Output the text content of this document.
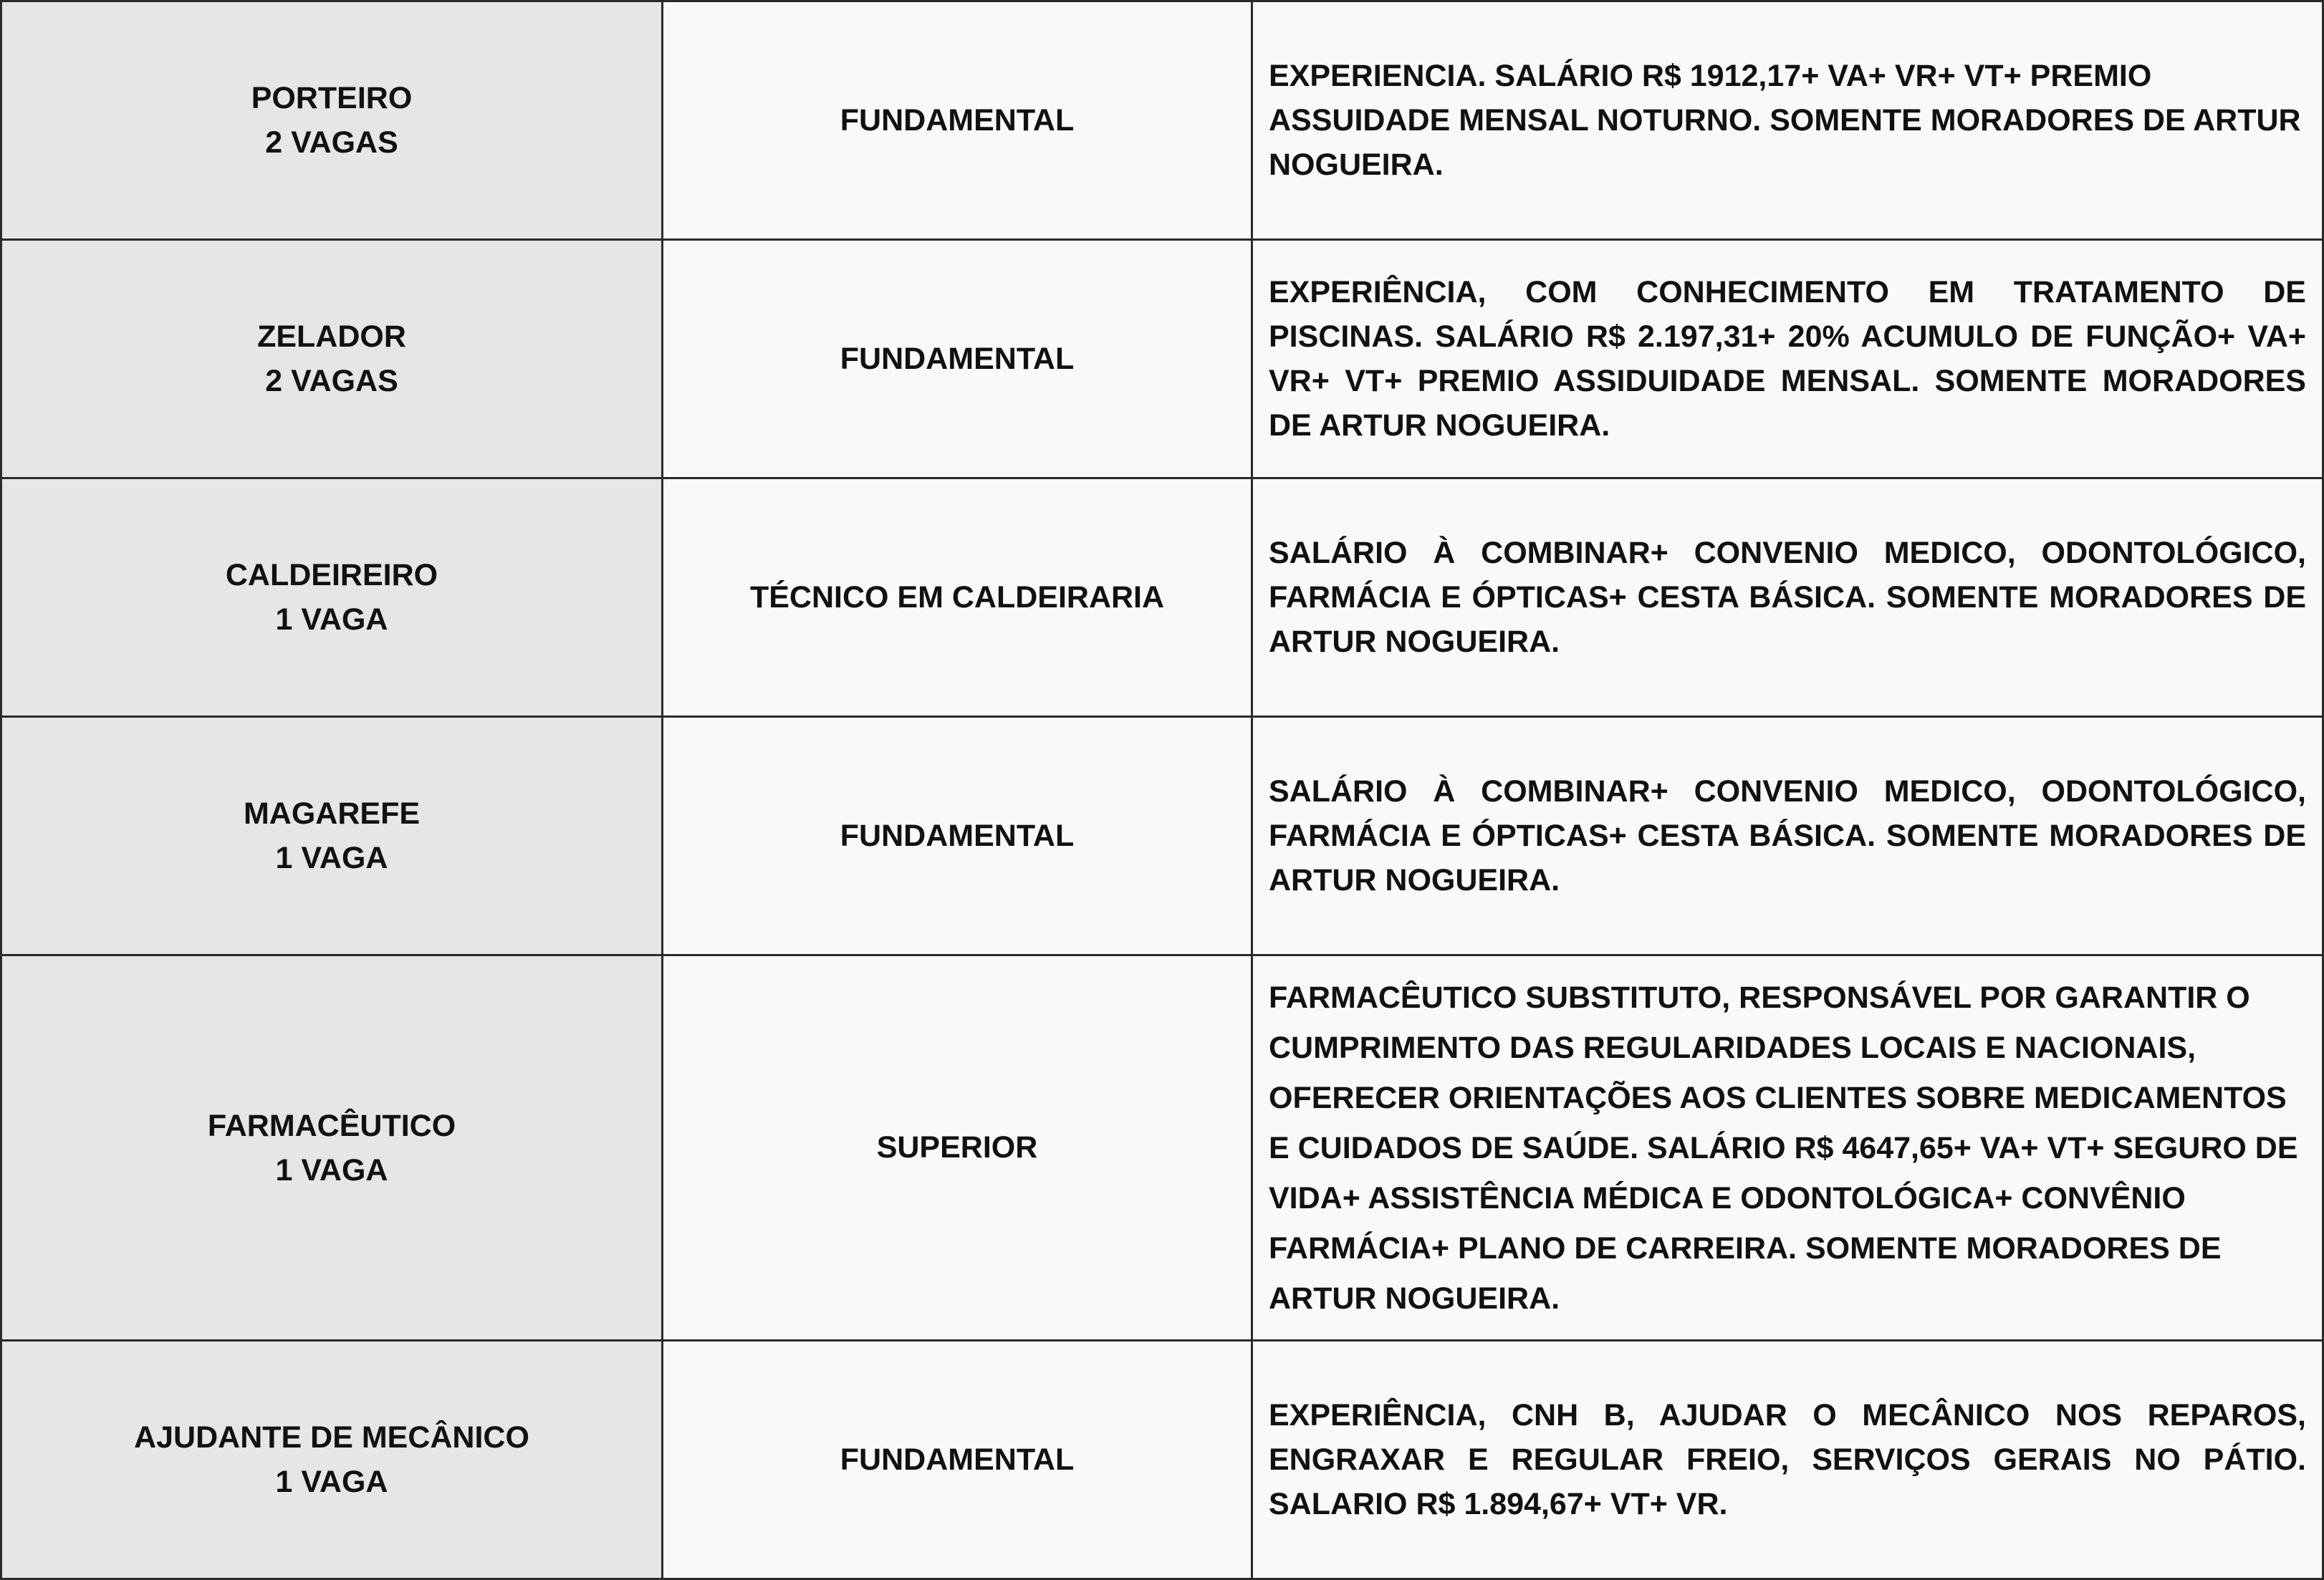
PORTEIRO
2 VAGAS	FUNDAMENTAL	EXPERIENCIA. SALÁRIO R$ 1912,17+ VA+ VR+ VT+ PREMIO ASSUIDADE MENSAL NOTURNO. SOMENTE MORADORES DE ARTUR NOGUEIRA.

ZELADOR
2 VAGAS	FUNDAMENTAL	EXPERIÊNCIA, COM CONHECIMENTO EM TRATAMENTO DE PISCINAS. SALÁRIO R$ 2.197,31+ 20% ACUMULO DE FUNÇÃO+ VA+ VR+ VT+ PREMIO ASSIDUIDADE MENSAL. SOMENTE MORADORES DE ARTUR NOGUEIRA.

CALDEIREIRO
1 VAGA	TÉCNICO EM CALDEIRARIA	SALÁRIO À COMBINAR+ CONVENIO MEDICO, ODONTOLÓGICO, FARMÁCIA E ÓPTICAS+ CESTA BÁSICA. SOMENTE MORADORES DE ARTUR NOGUEIRA.

MAGAREFE
1 VAGA	FUNDAMENTAL	SALÁRIO À COMBINAR+ CONVENIO MEDICO, ODONTOLÓGICO, FARMÁCIA E ÓPTICAS+ CESTA BÁSICA. SOMENTE MORADORES DE ARTUR NOGUEIRA.

FARMACÊUTICO
1 VAGA	SUPERIOR	FARMACÊUTICO SUBSTITUTO, RESPONSÁVEL POR GARANTIR O CUMPRIMENTO DAS REGULARIDADES LOCAIS E NACIONAIS, OFERECER ORIENTAÇÕES AOS CLIENTES SOBRE MEDICAMENTOS E CUIDADOS DE SAÚDE. SALÁRIO R$ 4647,65+ VA+ VT+ SEGURO DE VIDA+ ASSISTÊNCIA MÉDICA E ODONTOLÓGICA+ CONVÊNIO FARMÁCIA+ PLANO DE CARREIRA. SOMENTE MORADORES DE ARTUR NOGUEIRA.

AJUDANTE DE MECÂNICO
1 VAGA	FUNDAMENTAL	EXPERIÊNCIA, CNH B, AJUDAR O MECÂNICO NOS REPAROS, ENGRAXAR E REGULAR FREIO, SERVIÇOS GERAIS NO PÁTIO. SALARIO R$ 1.894,67+ VT+ VR.
